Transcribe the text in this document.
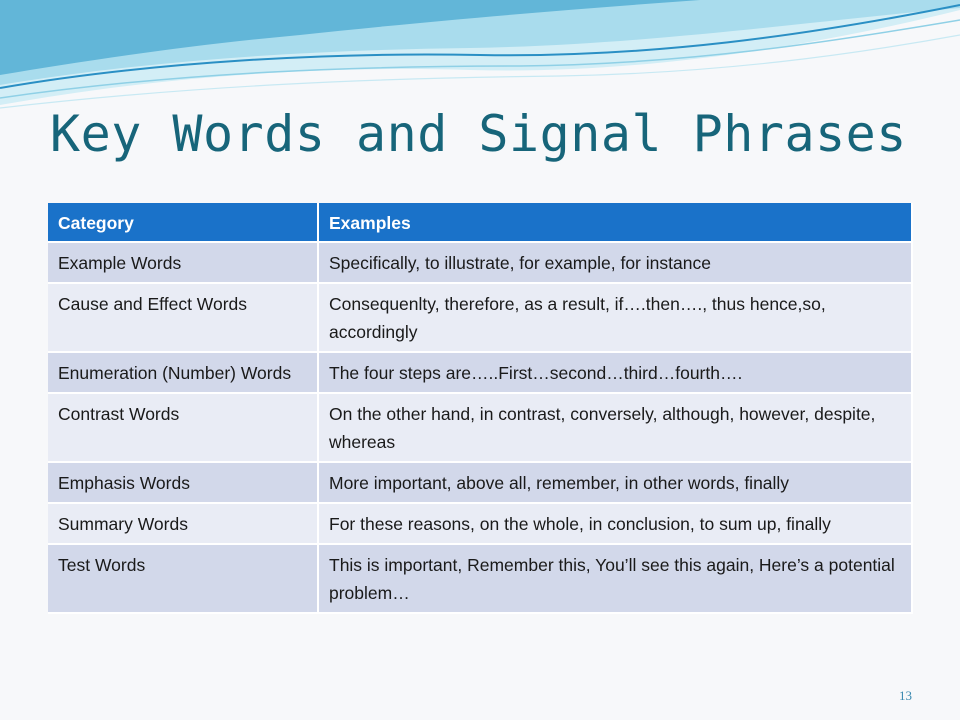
Key Words and Signal Phrases
Category	Examples
Example Words	Specifically, to illustrate, for example, for instance
Cause and Effect Words	Consequenlty, therefore, as a result, if….then…., thus hence,so, accordingly
Enumeration (Number) Words	The four steps are…..First…second…third…fourth….
Contrast Words	On the other hand, in contrast, conversely, although, however, despite, whereas
Emphasis Words	More important, above all, remember, in other words, finally
Summary Words	For these reasons, on the whole, in conclusion, to sum up, finally
Test Words	This is important, Remember this, You’ll see this again, Here’s a potential problem…
13
